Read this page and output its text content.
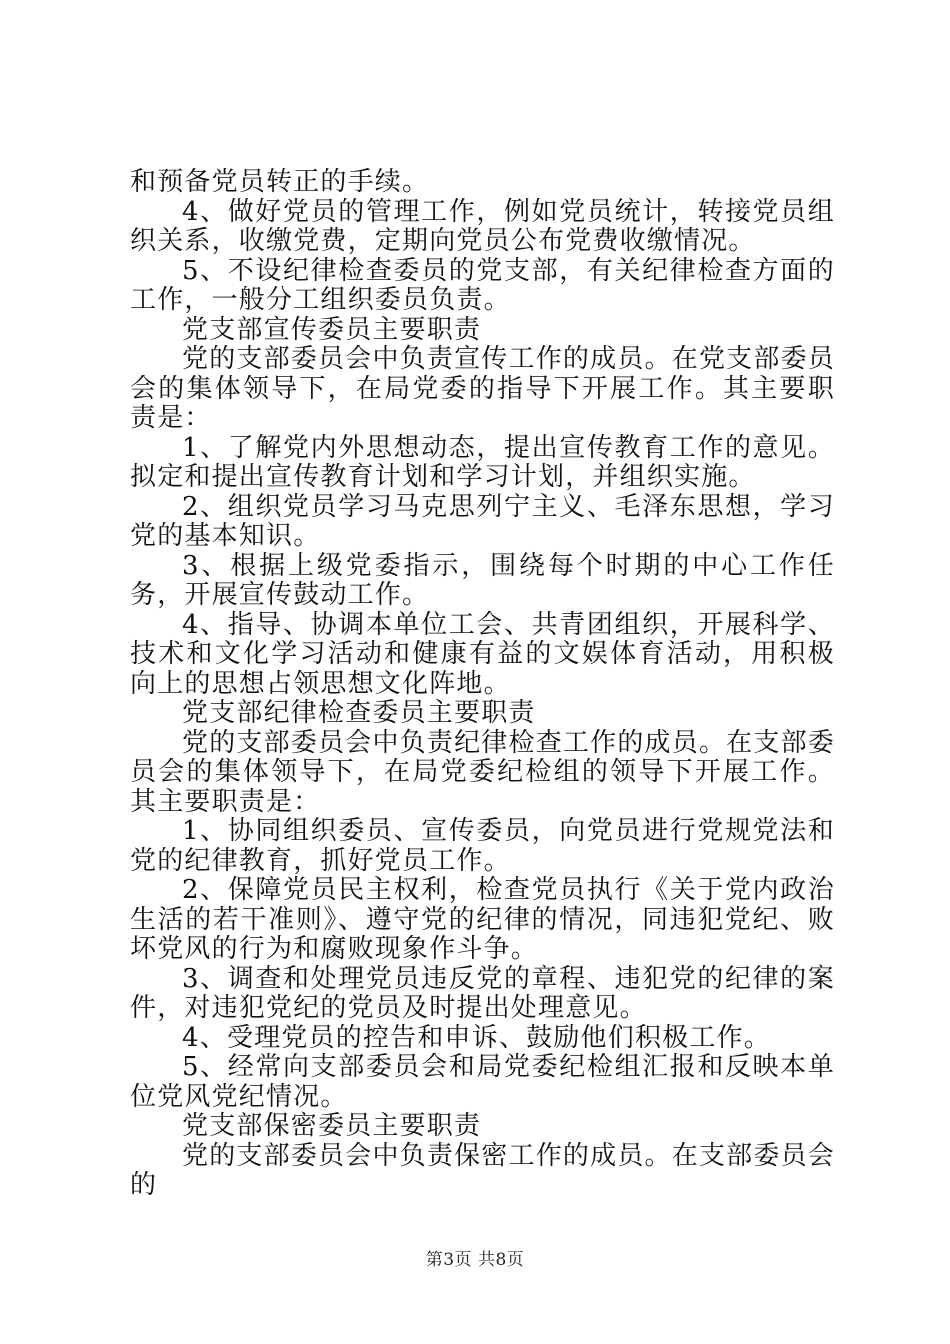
和预备党员转正的手续。

4、做好党员的管理工作，例如党员统计，转接党员组织关系，收缴党费，定期向党员公布党费收缴情况。

5、不设纪律检查委员的党支部，有关纪律检查方面的工作，一般分工组织委员负责。

党支部宣传委员主要职责

党的支部委员会中负责宣传工作的成员。在党支部委员会的集体领导下，在局党委的指导下开展工作。其主要职责是：

1、了解党内外思想动态，提出宣传教育工作的意见。拟定和提出宣传教育计划和学习计划，并组织实施。

2、组织党员学习马克思列宁主义、毛泽东思想，学习党的基本知识。

3、根据上级党委指示，围绕每个时期的中心工作任务，开展宣传鼓动工作。

4、指导、协调本单位工会、共青团组织，开展科学、技术和文化学习活动和健康有益的文娱体育活动，用积极向上的思想占领思想文化阵地。

党支部纪律检查委员主要职责

党的支部委员会中负责纪律检查工作的成员。在支部委员会的集体领导下，在局党委纪检组的领导下开展工作。其主要职责是：

1、协同组织委员、宣传委员，向党员进行党规党法和党的纪律教育，抓好党员工作。

2、保障党员民主权利，检查党员执行《关于党内政治生活的若干准则》、遵守党的纪律的情况，同违犯党纪、败坏党风的行为和腐败现象作斗争。

3、调查和处理党员违反党的章程、违犯党的纪律的案件，对违犯党纪的党员及时提出处理意见。

4、受理党员的控告和申诉、鼓励他们积极工作。

5、经常向支部委员会和局党委纪检组汇报和反映本单位党风党纪情况。

党支部保密委员主要职责

党的支部委员会中负责保密工作的成员。在支部委员会的

第3页 共8页
